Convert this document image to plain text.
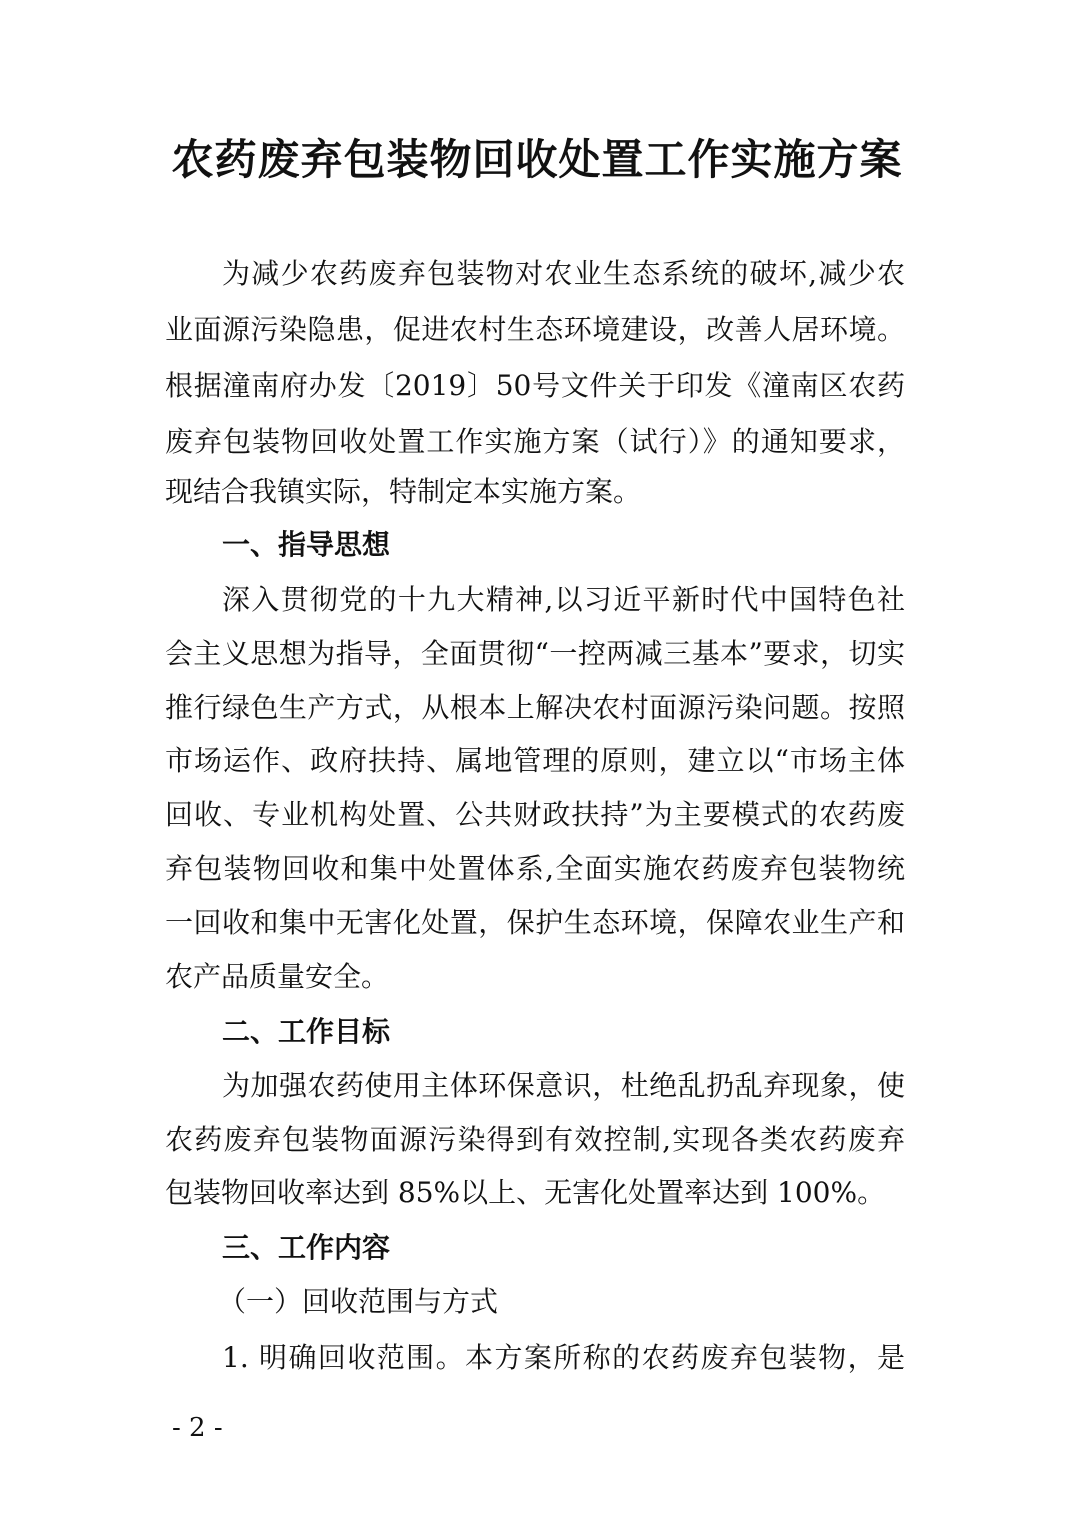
农药废弃包装物回收处置工作实施方案
为减少农药废弃包装物对农业生态系统的破坏,减少农
业面源污染隐患，促进农村生态环境建设，改善人居环境。
根据潼南府办发〔2019〕50号文件关于印发《潼南区农药
废弃包装物回收处置工作实施方案（试行）》的通知要求，
现结合我镇实际，特制定本实施方案。
一、指导思想
深入贯彻党的十九大精神,以习近平新时代中国特色社
会主义思想为指导，全面贯彻“一控两减三基本”要求，切实
推行绿色生产方式，从根本上解决农村面源污染问题。按照
市场运作、政府扶持、属地管理的原则，建立以“市场主体
回收、专业机构处置、公共财政扶持”为主要模式的农药废
弃包装物回收和集中处置体系,全面实施农药废弃包装物统
一回收和集中无害化处置，保护生态环境，保障农业生产和
农产品质量安全。
二、工作目标
为加强农药使用主体环保意识，杜绝乱扔乱弃现象，使
农药废弃包装物面源污染得到有效控制,实现各类农药废弃
包装物回收率达到 85%以上、无害化处置率达到 100%。
三、工作内容
（一）回收范围与方式
1. 明确回收范围。本方案所称的农药废弃包装物，是
- 2 -
